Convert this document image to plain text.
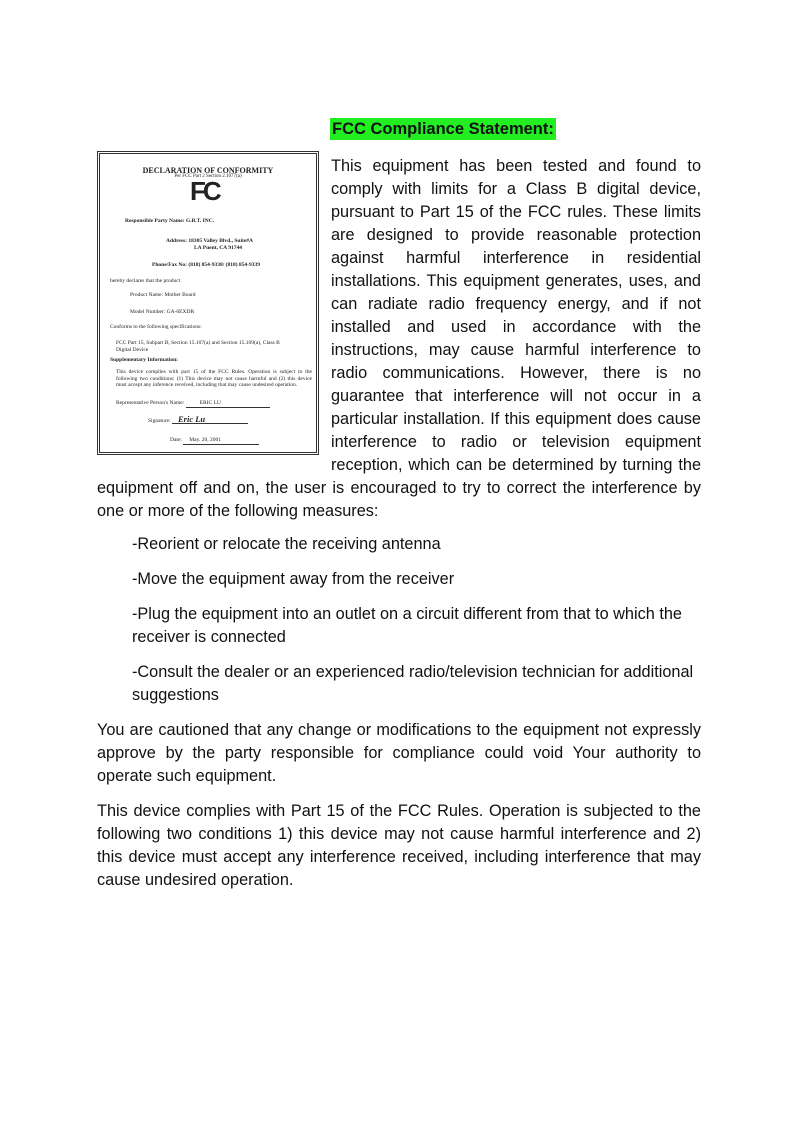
FCC Compliance Statement:
DECLARATION OF CONFORMITY
Per FCC Part 2 Section 2.1077(a)
FC
Responsible Party Name: G.B.T. INC.
Address: 18305 Valley Blvd., Suite#A
LA Puent, CA 91744
Phone/Fax No: (818) 854-9338/ (818) 854-9339
hereby declares that the product
Product Name: Mother Board
Model Number: GA-6EXDR
Conforms to the following specifications:
FCC Part 15, Subpart B, Section 15.107(a) and Section 15.109(a), Class B Digital Device
Supplementary Information:
This device complies with part 15 of the FCC Rules. Operation is subject to the following two conditions: (1) This device may not cause harmful and (2) this device must accept any inference received, including that may cause undesired operation.
Representative Person's Name:	ERIC LU
Signature: Eric Lu
Date: May. 20, 2001

This equipment has been tested and found to comply with limits for a Class B digital device, pursuant to Part 15 of the FCC rules. These limits are designed to provide reasonable protection against harmful interference in residential installations. This equipment generates, uses, and can radiate radio frequency energy, and if not installed and used in accordance with the instructions, may cause harmful interference to radio communications. However, there is no guarantee that interference will not occur in a particular installation. If this equipment does cause interference to radio or television equipment reception, which can be determined by turning the equipment off and on, the user is encouraged to try to correct the interference by one or more of the following measures:

-Reorient or relocate the receiving antenna
-Move the equipment away from the receiver
-Plug the equipment into an outlet on a circuit different from that to which the receiver is connected
-Consult the dealer or an experienced radio/television technician for additional suggestions

You are cautioned that any change or modifications to the equipment not expressly approve by the party responsible for compliance could void Your authority to operate such equipment.

This device complies with Part 15 of the FCC Rules. Operation is subjected to the following two conditions 1) this device may not cause harmful interference and 2) this device must accept any interference received, including interference that may cause undesired operation.
